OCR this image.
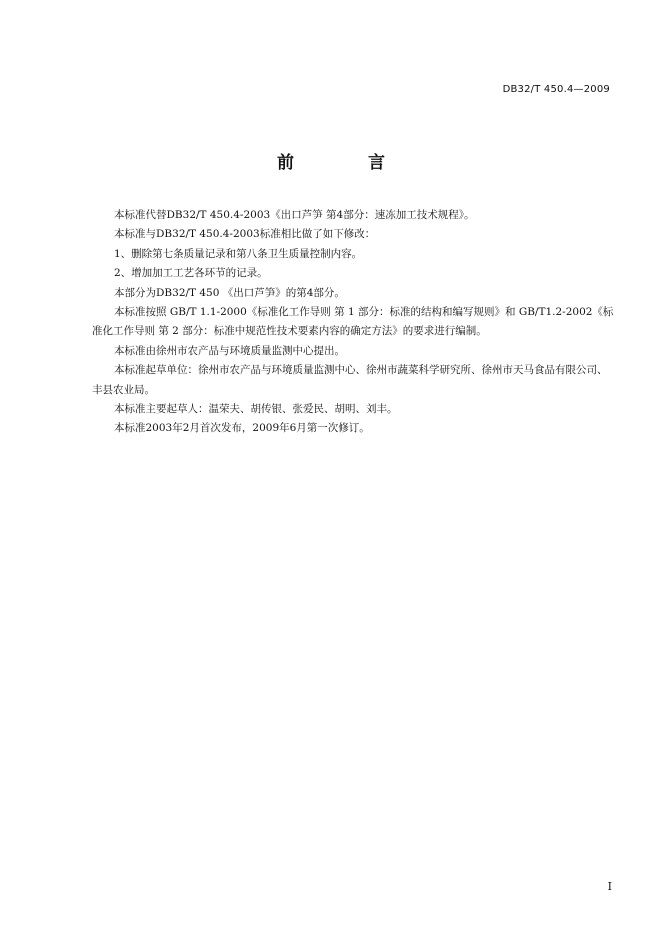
DB32/T 450.4—2009
前 言

本标准代替DB32/T 450.4-2003《出口芦笋 第4部分：速冻加工技术规程》。

本标准与DB32/T 450.4-2003标准相比做了如下修改：

1、删除第七条质量记录和第八条卫生质量控制内容。

2、增加加工工艺各环节的记录。

本部分为DB32/T 450 《出口芦笋》的第4部分。

本标准按照 GB/T 1.1-2000《标准化工作导则 第 1 部分：标准的结构和编写规则》和 GB/T1.2-2002《标准化工作导则 第 2 部分：标准中规范性技术要素内容的确定方法》的要求进行编制。

本标准由徐州市农产品与环境质量监测中心提出。

本标准起草单位：徐州市农产品与环境质量监测中心、徐州市蔬菜科学研究所、徐州市天马食品有限公司、丰县农业局。

本标准主要起草人：温荣夫、胡传银、张爱民、胡明、刘丰。

本标准2003年2月首次发布，2009年6月第一次修订。

I
